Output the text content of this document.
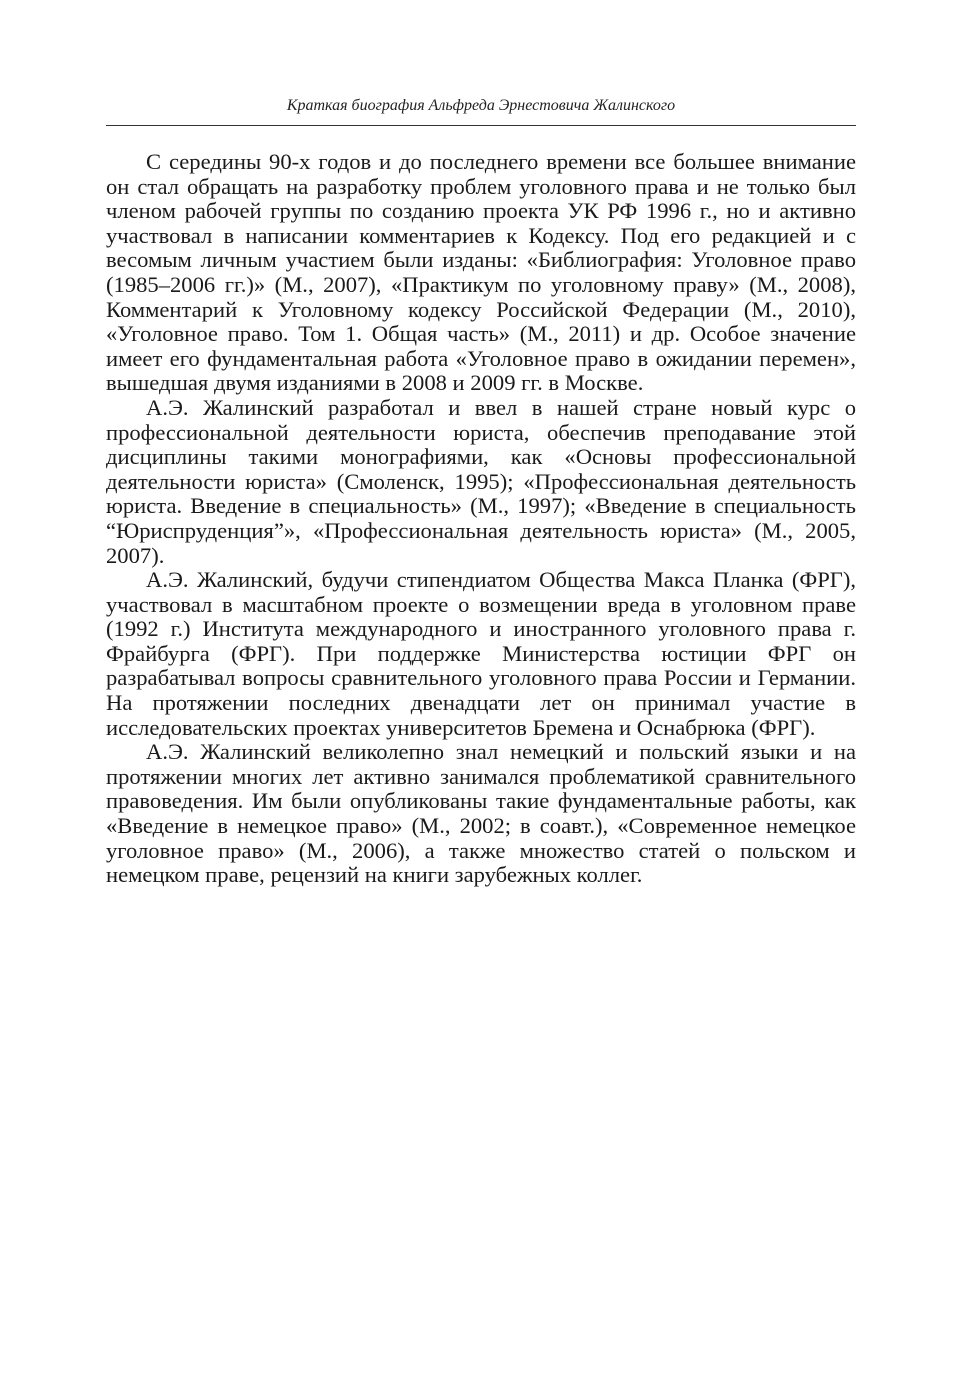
Краткая биография Альфреда Эрнестовича Жалинского

С середины 90-х годов и до последнего времени все большее внимание он стал обращать на разработку проблем уголовного права и не только был членом рабочей группы по созданию проекта УК РФ 1996 г., но и активно участвовал в написании комментариев к Кодексу. Под его редакцией и с весомым личным участием были изданы: «Библиография: Уголовное право (1985–2006 гг.)» (М., 2007), «Практикум по уголовному праву» (М., 2008), Комментарий к Уголовному кодексу Российской Федерации (М., 2010), «Уголовное право. Том 1. Общая часть» (М., 2011) и др. Особое значение имеет его фундаментальная работа «Уголовное право в ожидании перемен», вышедшая двумя изданиями в 2008 и 2009 гг. в Москве.

А.Э. Жалинский разработал и ввел в нашей стране новый курс о профессиональной деятельности юриста, обеспечив преподавание этой дисциплины такими монографиями, как «Основы профессиональной деятельности юриста» (Смоленск, 1995); «Профессиональная деятельность юриста. Введение в специальность» (М., 1997); «Введение в специальность “Юриспруденция”», «Профессиональная деятельность юриста» (М., 2005, 2007).

А.Э. Жалинский, будучи стипендиатом Общества Макса Планка (ФРГ), участвовал в масштабном проекте о возмещении вреда в уголовном праве (1992 г.) Института международного и иностранного уголовного права г. Фрайбурга (ФРГ). При поддержке Министерства юстиции ФРГ он разрабатывал вопросы сравнительного уголовного права России и Германии. На протяжении последних двенадцати лет он принимал участие в исследовательских проектах университетов Бремена и Оснабрюка (ФРГ).

А.Э. Жалинский великолепно знал немецкий и польский языки и на протяжении многих лет активно занимался проблематикой сравнительного правоведения. Им были опубликованы такие фундаментальные работы, как «Введение в немецкое право» (М., 2002; в соавт.), «Современное немецкое уголовное право» (М., 2006), а также множество статей о польском и немецком праве, рецензий на книги зарубежных коллег.
